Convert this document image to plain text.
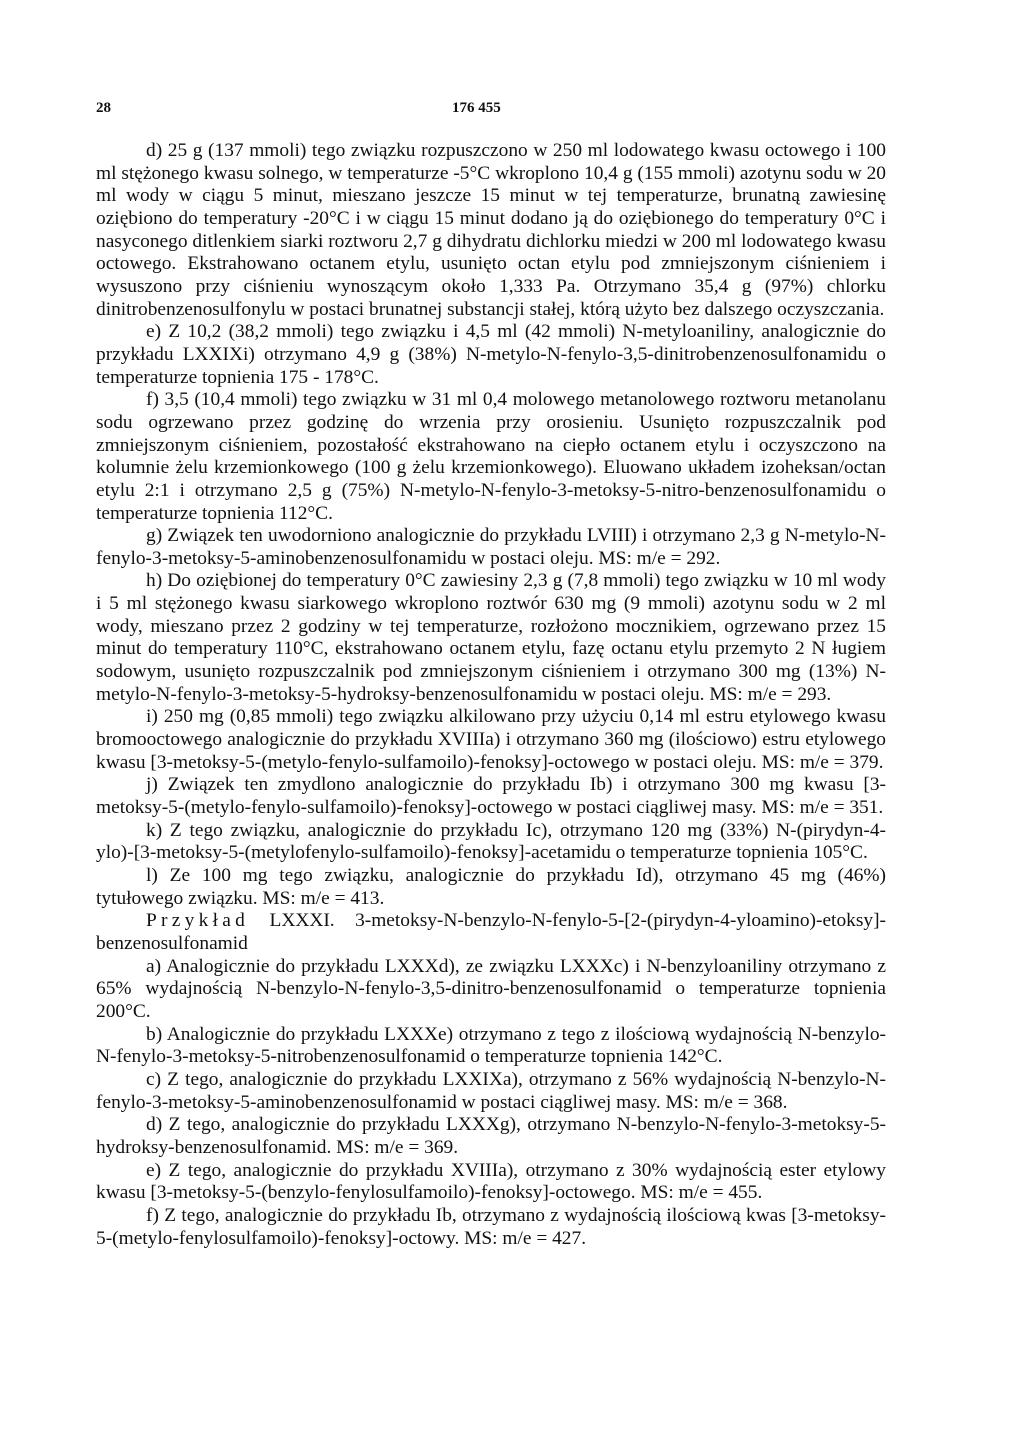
28	176 455

d) 25 g (137 mmoli) tego związku rozpuszczono w 250 ml lodowatego kwasu octowego i 100 ml stężonego kwasu solnego, w temperaturze -5°C wkroplono 10,4 g (155 mmoli) azotynu sodu w 20 ml wody w ciągu 5 minut, mieszano jeszcze 15 minut w tej temperaturze, brunatną zawiesinę oziębiono do temperatury -20°C i w ciągu 15 minut dodano ją do oziębionego do temperatury 0°C i nasyconego ditlenkiem siarki roztworu 2,7 g dihydratu dichlorku miedzi w 200 ml lodowatego kwasu octowego. Ekstrahowano octanem etylu, usunięto octan etylu pod zmniejszonym ciśnieniem i wysuszono przy ciśnieniu wynoszącym około 1,333 Pa. Otrzymano 35,4 g (97%) chlorku dinitrobenzenosulfonylu w postaci brunatnej substancji stałej, którą użyto bez dalszego oczyszczania.

e) Z 10,2 (38,2 mmoli) tego związku i 4,5 ml (42 mmoli) N-metyloaniliny, analogicznie do przykładu LXXIXi) otrzymano 4,9 g (38%) N-metylo-N-fenylo-3,5-dinitrobenzenosulfonamidu o temperaturze topnienia 175 - 178°C.

f) 3,5 (10,4 mmoli) tego związku w 31 ml 0,4 molowego metanolowego roztworu metanolanu sodu ogrzewano przez godzinę do wrzenia przy orosieniu. Usunięto rozpuszczalnik pod zmniejszonym ciśnieniem, pozostałość ekstrahowano na ciepło octanem etylu i oczyszczono na kolumnie żelu krzemionkowego (100 g żelu krzemionkowego). Eluowano układem izoheksan/octan etylu 2:1 i otrzymano 2,5 g (75%) N-metylo-N-fenylo-3-metoksy-5-nitro-benzenosulfonamidu o temperaturze topnienia 112°C.

g) Związek ten uwodorniono analogicznie do przykładu LVIII) i otrzymano 2,3 g N-metylo-N-fenylo-3-metoksy-5-aminobenzenosulfonamidu w postaci oleju. MS: m/e = 292.

h) Do oziębionej do temperatury 0°C zawiesiny 2,3 g (7,8 mmoli) tego związku w 10 ml wody i 5 ml stężonego kwasu siarkowego wkroplono roztwór 630 mg (9 mmoli) azotynu sodu w 2 ml wody, mieszano przez 2 godziny w tej temperaturze, rozłożono mocznikiem, ogrzewano przez 15 minut do temperatury 110°C, ekstrahowano octanem etylu, fazę octanu etylu przemyto 2 N ługiem sodowym, usunięto rozpuszczalnik pod zmniejszonym ciśnieniem i otrzymano 300 mg (13%) N-metylo-N-fenylo-3-metoksy-5-hydroksy-benzenosulfonamidu w postaci oleju. MS: m/e = 293.

i) 250 mg (0,85 mmoli) tego związku alkilowano przy użyciu 0,14 ml estru etylowego kwasu bromooctowego analogicznie do przykładu XVIIIa) i otrzymano 360 mg (ilościowo) estru etylowego kwasu [3-metoksy-5-(metylo-fenylo-sulfamoilo)-fenoksy]-octowego w postaci oleju. MS: m/e = 379.

j) Związek ten zmydlono analogicznie do przykładu Ib) i otrzymano 300 mg kwasu [3-metoksy-5-(metylo-fenylo-sulfamoilo)-fenoksy]-octowego w postaci ciągliwej masy. MS: m/e = 351.

k) Z tego związku, analogicznie do przykładu Ic), otrzymano 120 mg (33%) N-(pirydyn-4-ylo)-[3-metoksy-5-(metylofenylo-sulfamoilo)-fenoksy]-acetamidu o temperaturze topnienia 105°C.

l) Ze 100 mg tego związku, analogicznie do przykładu Id), otrzymano 45 mg (46%) tytułowego związku. MS: m/e = 413.

Przykład LXXXI. 3-metoksy-N-benzylo-N-fenylo-5-[2-(pirydyn-4-yloamino)-etoksy]-benzenosulfonamid

a) Analogicznie do przykładu LXXXd), ze związku LXXXc) i N-benzyloaniliny otrzymano z 65% wydajnością N-benzylo-N-fenylo-3,5-dinitro-benzenosulfonamid o temperaturze topnienia 200°C.

b) Analogicznie do przykładu LXXXe) otrzymano z tego z ilościową wydajnością N-benzylo-N-fenylo-3-metoksy-5-nitrobenzenosulfonamid o temperaturze topnienia 142°C.

c) Z tego, analogicznie do przykładu LXXIXa), otrzymano z 56% wydajnością N-benzylo-N-fenylo-3-metoksy-5-aminobenzenosulfonamid w postaci ciągliwej masy. MS: m/e = 368.

d) Z tego, analogicznie do przykładu LXXXg), otrzymano N-benzylo-N-fenylo-3-metoksy-5-hydroksy-benzenosulfonamid. MS: m/e = 369.

e) Z tego, analogicznie do przykładu XVIIIa), otrzymano z 30% wydajnością ester etylowy kwasu [3-metoksy-5-(benzylo-fenylosulfamoilo)-fenoksy]-octowego. MS: m/e = 455.

f) Z tego, analogicznie do przykładu Ib, otrzymano z wydajnością ilościową kwas [3-metoksy-5-(metylo-fenylosulfamoilo)-fenoksy]-octowy. MS: m/e = 427.
